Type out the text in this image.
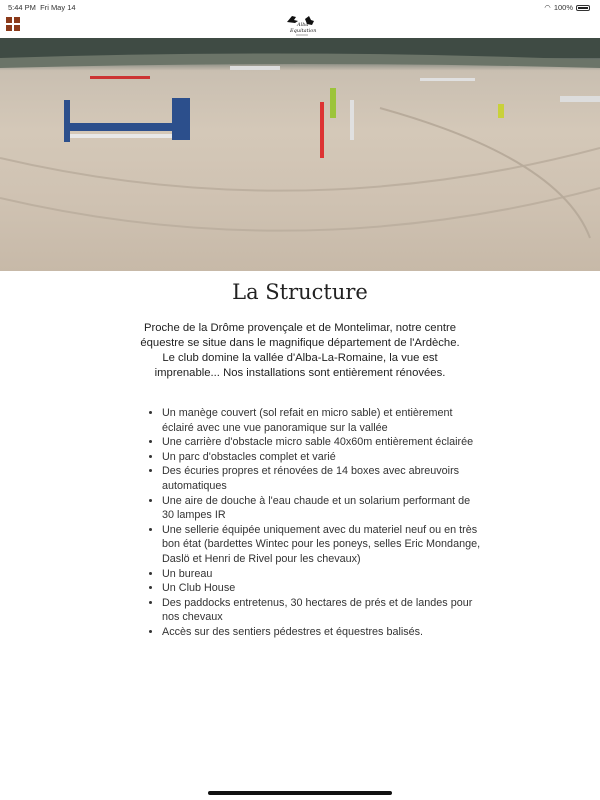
5:44 PM Fri May 14	◠ 100%
Alba
Equitation
La Structure

Proche de la Drôme provençale et de Montelimar, notre centre équestre se situe dans le magnifique département de l'Ardèche. Le club domine la vallée d'Alba-La-Romaine, la vue est imprenable... Nos installations sont entièrement rénovées.

• Un manège couvert (sol refait en micro sable) et entièrement éclairé avec une vue panoramique sur la vallée
• Une carrière d'obstacle micro sable 40x60m entièrement éclairée
• Un parc d'obstacles complet et varié
• Des écuries propres et rénovées de 14 boxes avec abreuvoirs automatiques
• Une aire de douche à l'eau chaude et un solarium performant de 30 lampes IR
• Une sellerie équipée uniquement avec du materiel neuf ou en très bon état (bardettes Wintec pour les poneys, selles Eric Mondange, Daslö et Henri de Rivel pour les chevaux)
• Un bureau
• Un Club House
• Des paddocks entretenus, 30 hectares de prés et de landes pour nos chevaux
• Accès sur des sentiers pédestres et équestres balisés.
